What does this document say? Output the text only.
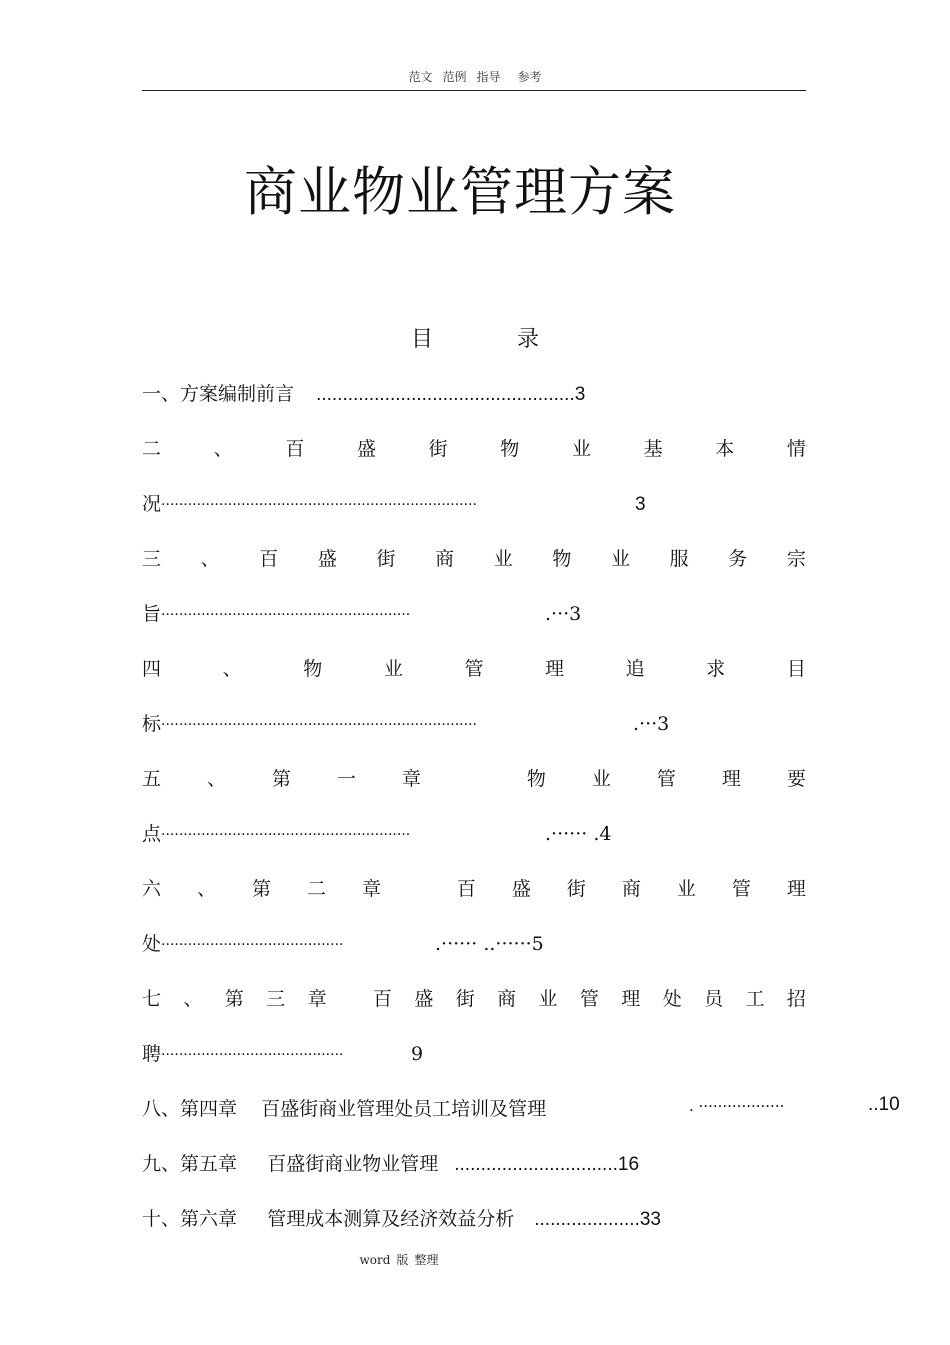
范文 范例 指导 参考
商业物业管理方案
目	录
一、方案编制前言 .................................................3
二	、	百	盛	街	物	业	基	本	情
况·······································································	3
三 、 百 盛 街 商 业 物 业 服 务 宗
旨························································	.···3
四	、	物	业	管	理	追	求	目
标·······································································	.···3
五 、 第 一 章	物 业 管 理 要
点························································	.······ .4
六 、 第 二 章	百 盛 街 商 业 管 理
处·········································	.······ ..······5
七 、 第 三 章 百 盛 街 商 业 管 理 处 员 工 招
聘·········································	9
八、第四章    百盛街商业管理处员工培训及管理	. ··················	..10
九、第五章     百盛街商业物业管理 ...............................16
十、第六章     管理成本测算及经济效益分析 ....................33
word 版 整理
